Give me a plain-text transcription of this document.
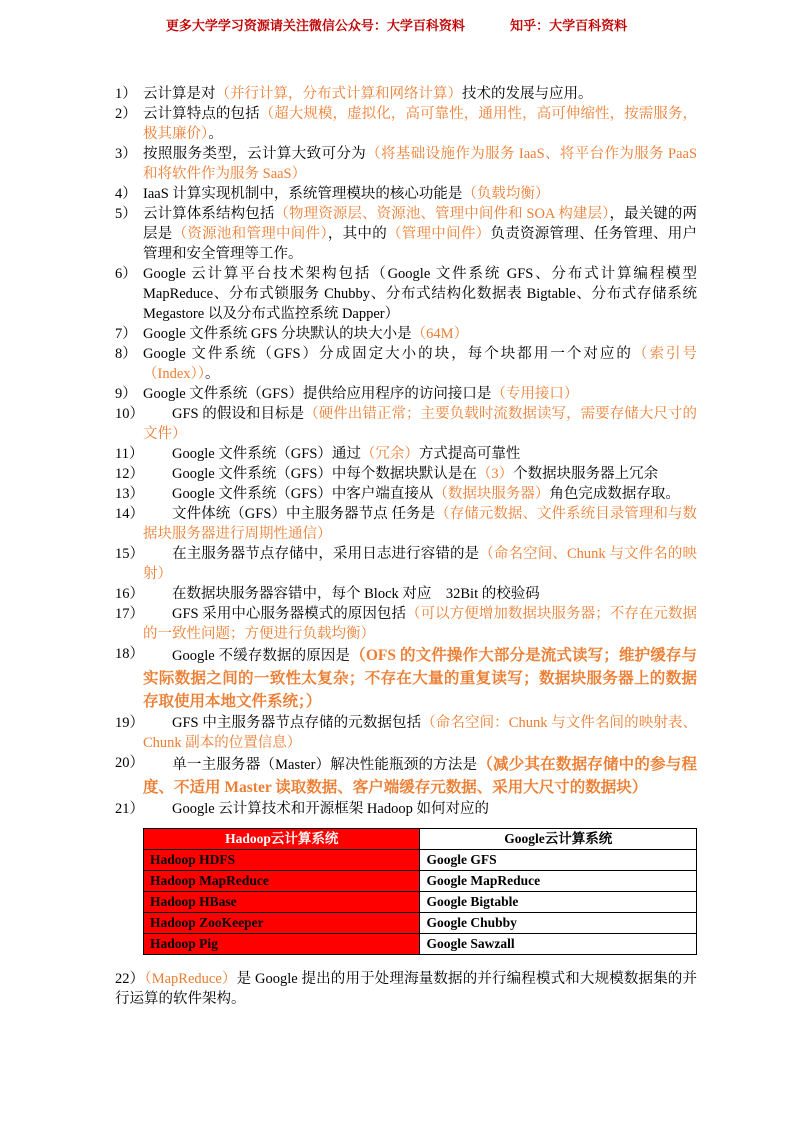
更多大学学习资源请关注微信公众号：大学百科资料	知乎：大学百科资料
1） 云计算是对（并行计算，分布式计算和网络计算）技术的发展与应用。
2） 云计算特点的包括（超大规模，虚拟化，高可靠性，通用性，高可伸缩性，按需服务，极其廉价）。
3） 按照服务类型，云计算大致可分为（将基础设施作为服务 IaaS、将平台作为服务 PaaS 和将软件作为服务 SaaS）
4） IaaS 计算实现机制中，系统管理模块的核心功能是（负载均衡）
5） 云计算体系结构包括（物理资源层、资源池、管理中间件和 SOA 构建层），最关键的两层是（资源池和管理中间件），其中的（管理中间件）负责资源管理、任务管理、用户管理和安全管理等工作。
6） Google 云计算平台技术架构包括（Google 文件系统 GFS、分布式计算编程模型 MapReduce、分布式锁服务 Chubby、分布式结构化数据表 Bigtable、分布式存储系统 Megastore 以及分布式监控系统 Dapper）
7） Google 文件系统 GFS 分块默认的块大小是（64M）
8） Google 文件系统（GFS）分成固定大小的块，每个块都用一个对应的（索引号（Index））。
9） Google 文件系统（GFS）提供给应用程序的访问接口是（专用接口）
10） GFS 的假设和目标是（硬件出错正常；主要负载时流数据读写，需要存储大尺寸的文件）
11） Google 文件系统（GFS）通过（冗余）方式提高可靠性
12） Google 文件系统（GFS）中每个数据块默认是在（3）个数据块服务器上冗余
13） Google 文件系统（GFS）中客户端直接从（数据块服务器）角色完成数据存取。
14） 文件体统（GFS）中主服务器节点 任务是（存储元数据、文件系统目录管理和与数据块服务器进行周期性通信）
15） 在主服务器节点存储中，采用日志进行容错的是（命名空间、Chunk 与文件名的映射）
16） 在数据块服务器容错中，每个 Block 对应　32Bit 的校验码
17） GFS 采用中心服务器模式的原因包括（可以方便增加数据块服务器；不存在元数据的一致性问题；方便进行负载均衡）
18） Google 不缓存数据的原因是（OFS 的文件操作大部分是流式读写；维护缓存与实际数据之间的一致性太复杂；不存在大量的重复读写；数据块服务器上的数据存取使用本地文件系统；）
19） GFS 中主服务器节点存储的元数据包括（命名空间：Chunk 与文件名间的映射表、Chunk 副本的位置信息）
20） 单一主服务器（Master）解决性能瓶颈的方法是（减少其在数据存储中的参与程度、不适用 Master 读取数据、客户端缓存元数据、采用大尺寸的数据块）
21） Google 云计算技术和开源框架 Hadoop 如何对应的
Hadoop云计算系统	Google云计算系统
Hadoop HDFS	Google GFS
Hadoop MapReduce	Google MapReduce
Hadoop HBase	Google Bigtable
Hadoop ZooKeeper	Google Chubby
Hadoop Pig	Google Sawzall
22）（MapReduce）是 Google 提出的用于处理海量数据的并行编程模式和大规模数据集的并行运算的软件架构。
